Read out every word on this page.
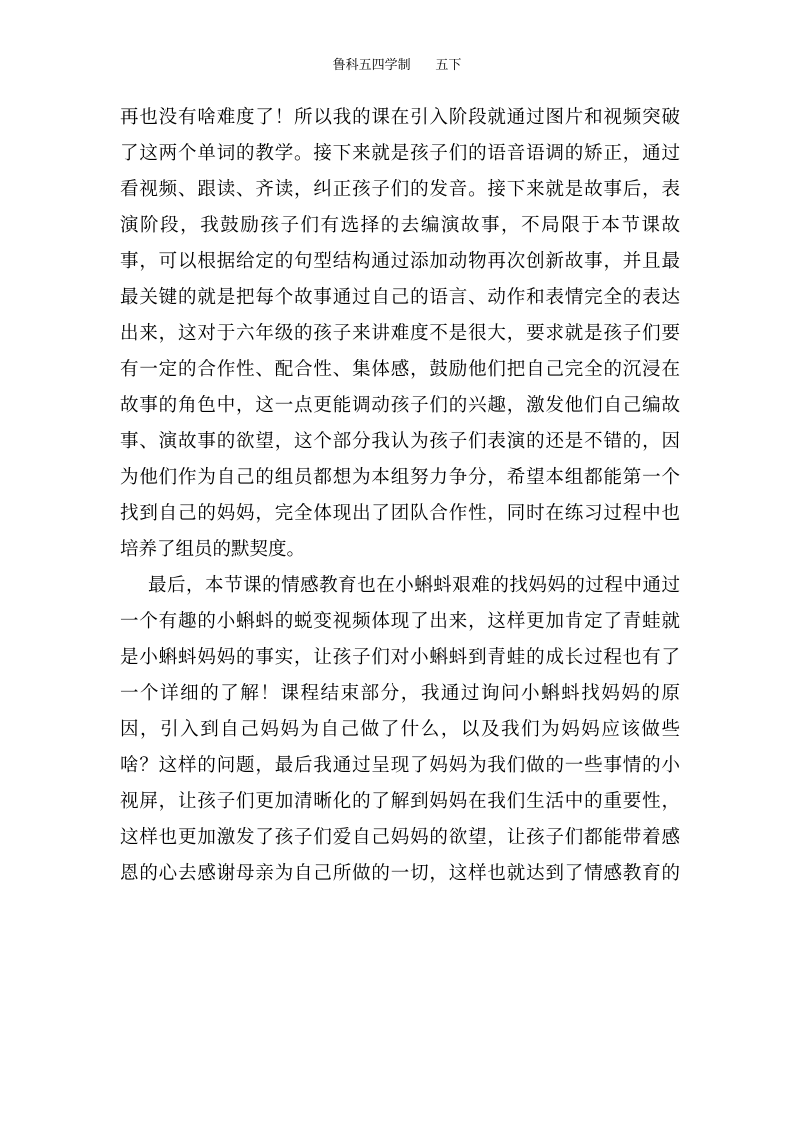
鲁科五四学制      五下
再也没有啥难度了！所以我的课在引入阶段就通过图片和视频突破
了这两个单词的教学。接下来就是孩子们的语音语调的矫正，通过
看视频、跟读、齐读，纠正孩子们的发音。接下来就是故事后，表
演阶段，我鼓励孩子们有选择的去编演故事，不局限于本节课故
事，可以根据给定的句型结构通过添加动物再次创新故事，并且最
最关键的就是把每个故事通过自己的语言、动作和表情完全的表达
出来，这对于六年级的孩子来讲难度不是很大，要求就是孩子们要
有一定的合作性、配合性、集体感，鼓励他们把自己完全的沉浸在
故事的角色中，这一点更能调动孩子们的兴趣，激发他们自己编故
事、演故事的欲望，这个部分我认为孩子们表演的还是不错的，因
为他们作为自己的组员都想为本组努力争分，希望本组都能第一个
找到自己的妈妈，完全体现出了团队合作性，同时在练习过程中也
培养了组员的默契度。
最后，本节课的情感教育也在小蝌蚪艰难的找妈妈的过程中通过
一个有趣的小蝌蚪的蜕变视频体现了出来，这样更加肯定了青蛙就
是小蝌蚪妈妈的事实，让孩子们对小蝌蚪到青蛙的成长过程也有了
一个详细的了解！课程结束部分，我通过询问小蝌蚪找妈妈的原
因，引入到自己妈妈为自己做了什么，以及我们为妈妈应该做些
啥？这样的问题，最后我通过呈现了妈妈为我们做的一些事情的小
视屏，让孩子们更加清晰化的了解到妈妈在我们生活中的重要性，
这样也更加激发了孩子们爱自己妈妈的欲望，让孩子们都能带着感
恩的心去感谢母亲为自己所做的一切，这样也就达到了情感教育的
